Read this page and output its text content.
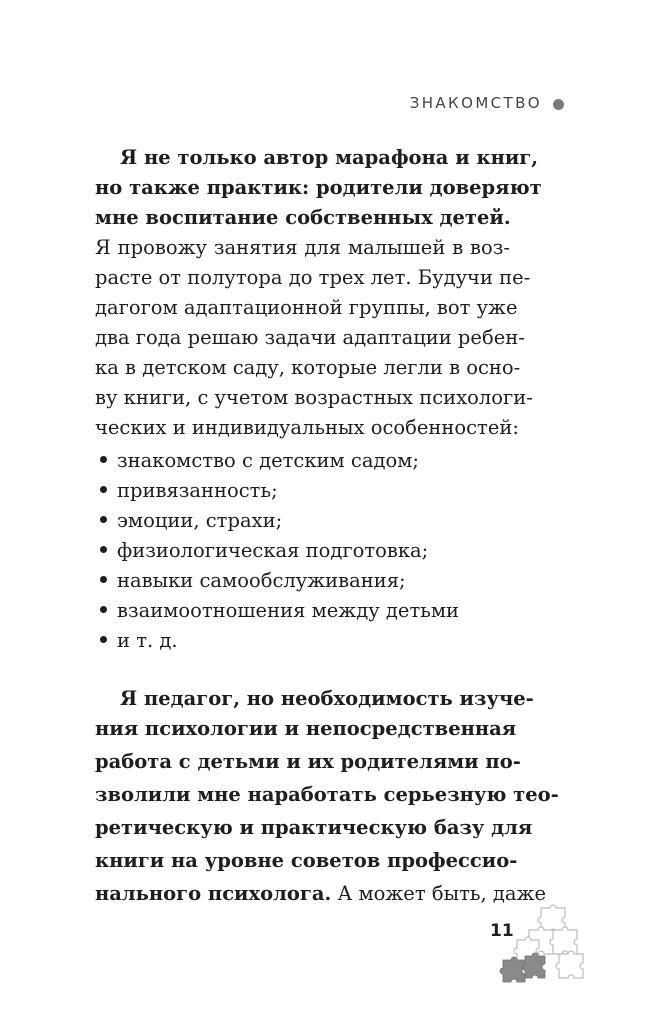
ЗНАКОМСТВО
Я не только автор марафона и книг,
но также практик: родители доверяют
мне воспитание собственных детей.
Я провожу занятия для малышей в воз-
расте от полутора до трех лет. Будучи пе-
дагогом адаптационной группы, вот уже
два года решаю задачи адаптации ребен-
ка в детском саду, которые легли в осно-
ву книги, с учетом возрастных психологи-
ческих и индивидуальных особенностей:
знакомство с детским садом;
привязанность;
эмоции, страхи;
физиологическая подготовка;
навыки самообслуживания;
взаимоотношения между детьми
и т. д.
Я педагог, но необходимость изуче-
ния психологии и непосредственная
работа с детьми и их родителями по-
зволили мне наработать серьезную тео-
ретическую и практическую базу для
книги на уровне советов профессио-
нального психолога. А может быть, даже
11
